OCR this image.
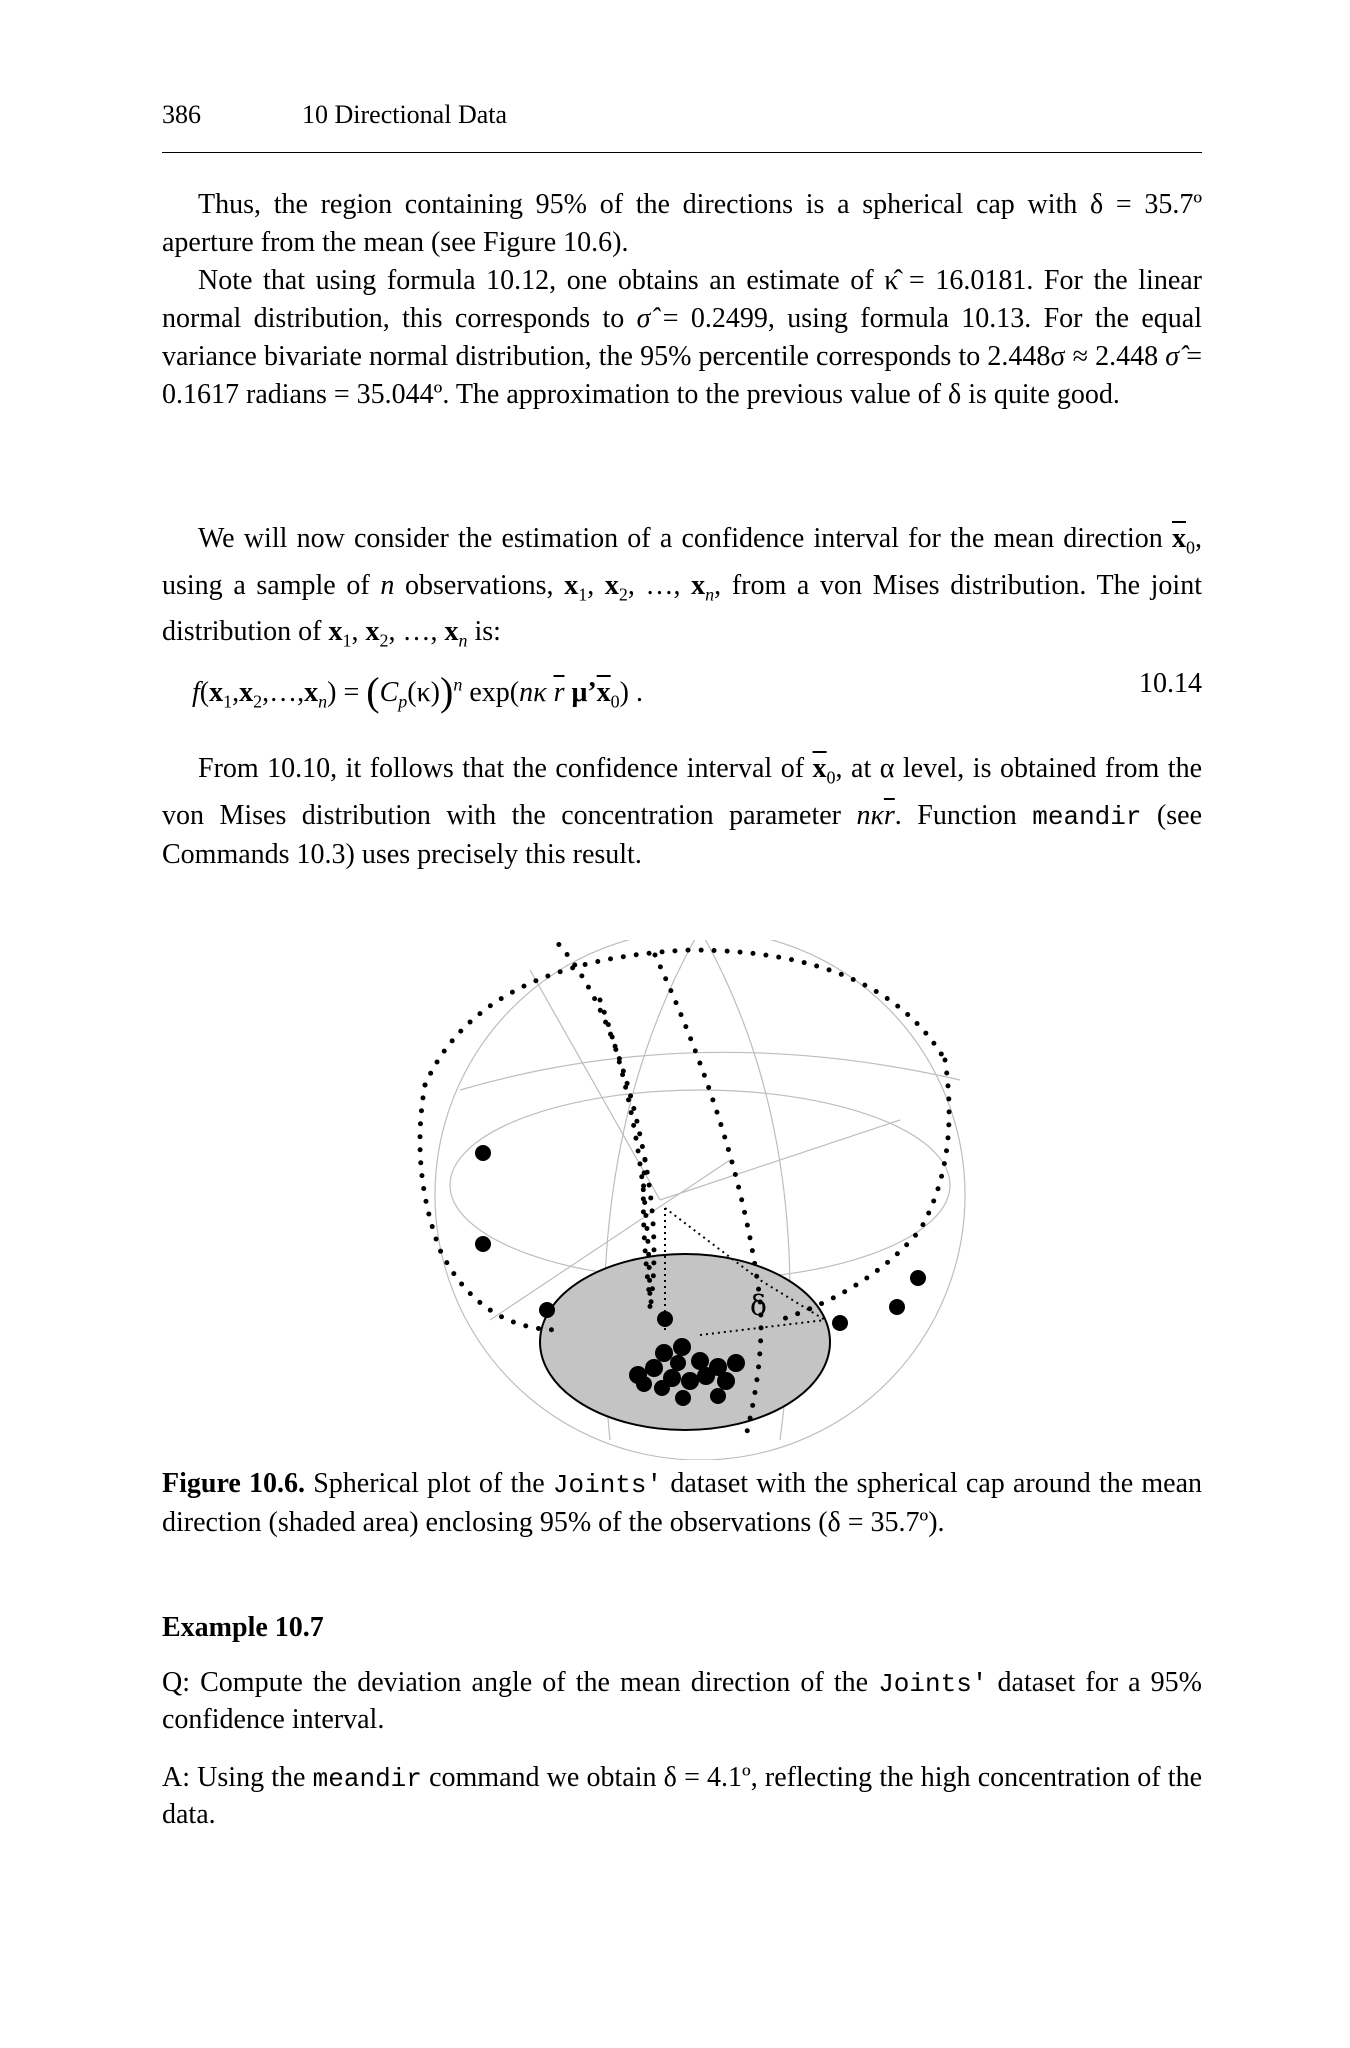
386	10 Directional Data

Thus, the region containing 95% of the directions is a spherical cap with δ = 35.7º aperture from the mean (see Figure 10.6).

Note that using formula 10.12, one obtains an estimate of κ̂ = 16.0181. For the linear normal distribution, this corresponds to σ̂ = 0.2499, using formula 10.13. For the equal variance bivariate normal distribution, the 95% percentile corresponds to 2.448σ ≈ 2.448 σ̂ = 0.1617 radians = 35.044º. The approximation to the previous value of δ is quite good.

We will now consider the estimation of a confidence interval for the mean direction $\overline{x}_0$, using a sample of n observations, $x_1$, $x_2$, …, $x_n$, from a von Mises distribution. The joint distribution of $x_1$, $x_2$, …, $x_n$ is:

$f(x_1,x_2,\dots,x_n) = (C_p(\kappa))^n$ exp(nκ $\overline{r}$ $\mu’\overline{x}_0$) .	10.14

From 10.10, it follows that the confidence interval of $\overline{x}_0$, at α level, is obtained from the von Mises distribution with the concentration parameter $n\kappa\overline{r}$. Function meandir (see Commands 10.3) uses precisely this result.

δ
Figure 10.6. Spherical plot of the Joints' dataset with the spherical cap around the mean direction (shaded area) enclosing 95% of the observations (δ = 35.7º).
Example 10.7
Q: Compute the deviation angle of the mean direction of the Joints' dataset for a 95% confidence interval.
A: Using the meandir command we obtain δ = 4.1º, reflecting the high concentration of the data.
